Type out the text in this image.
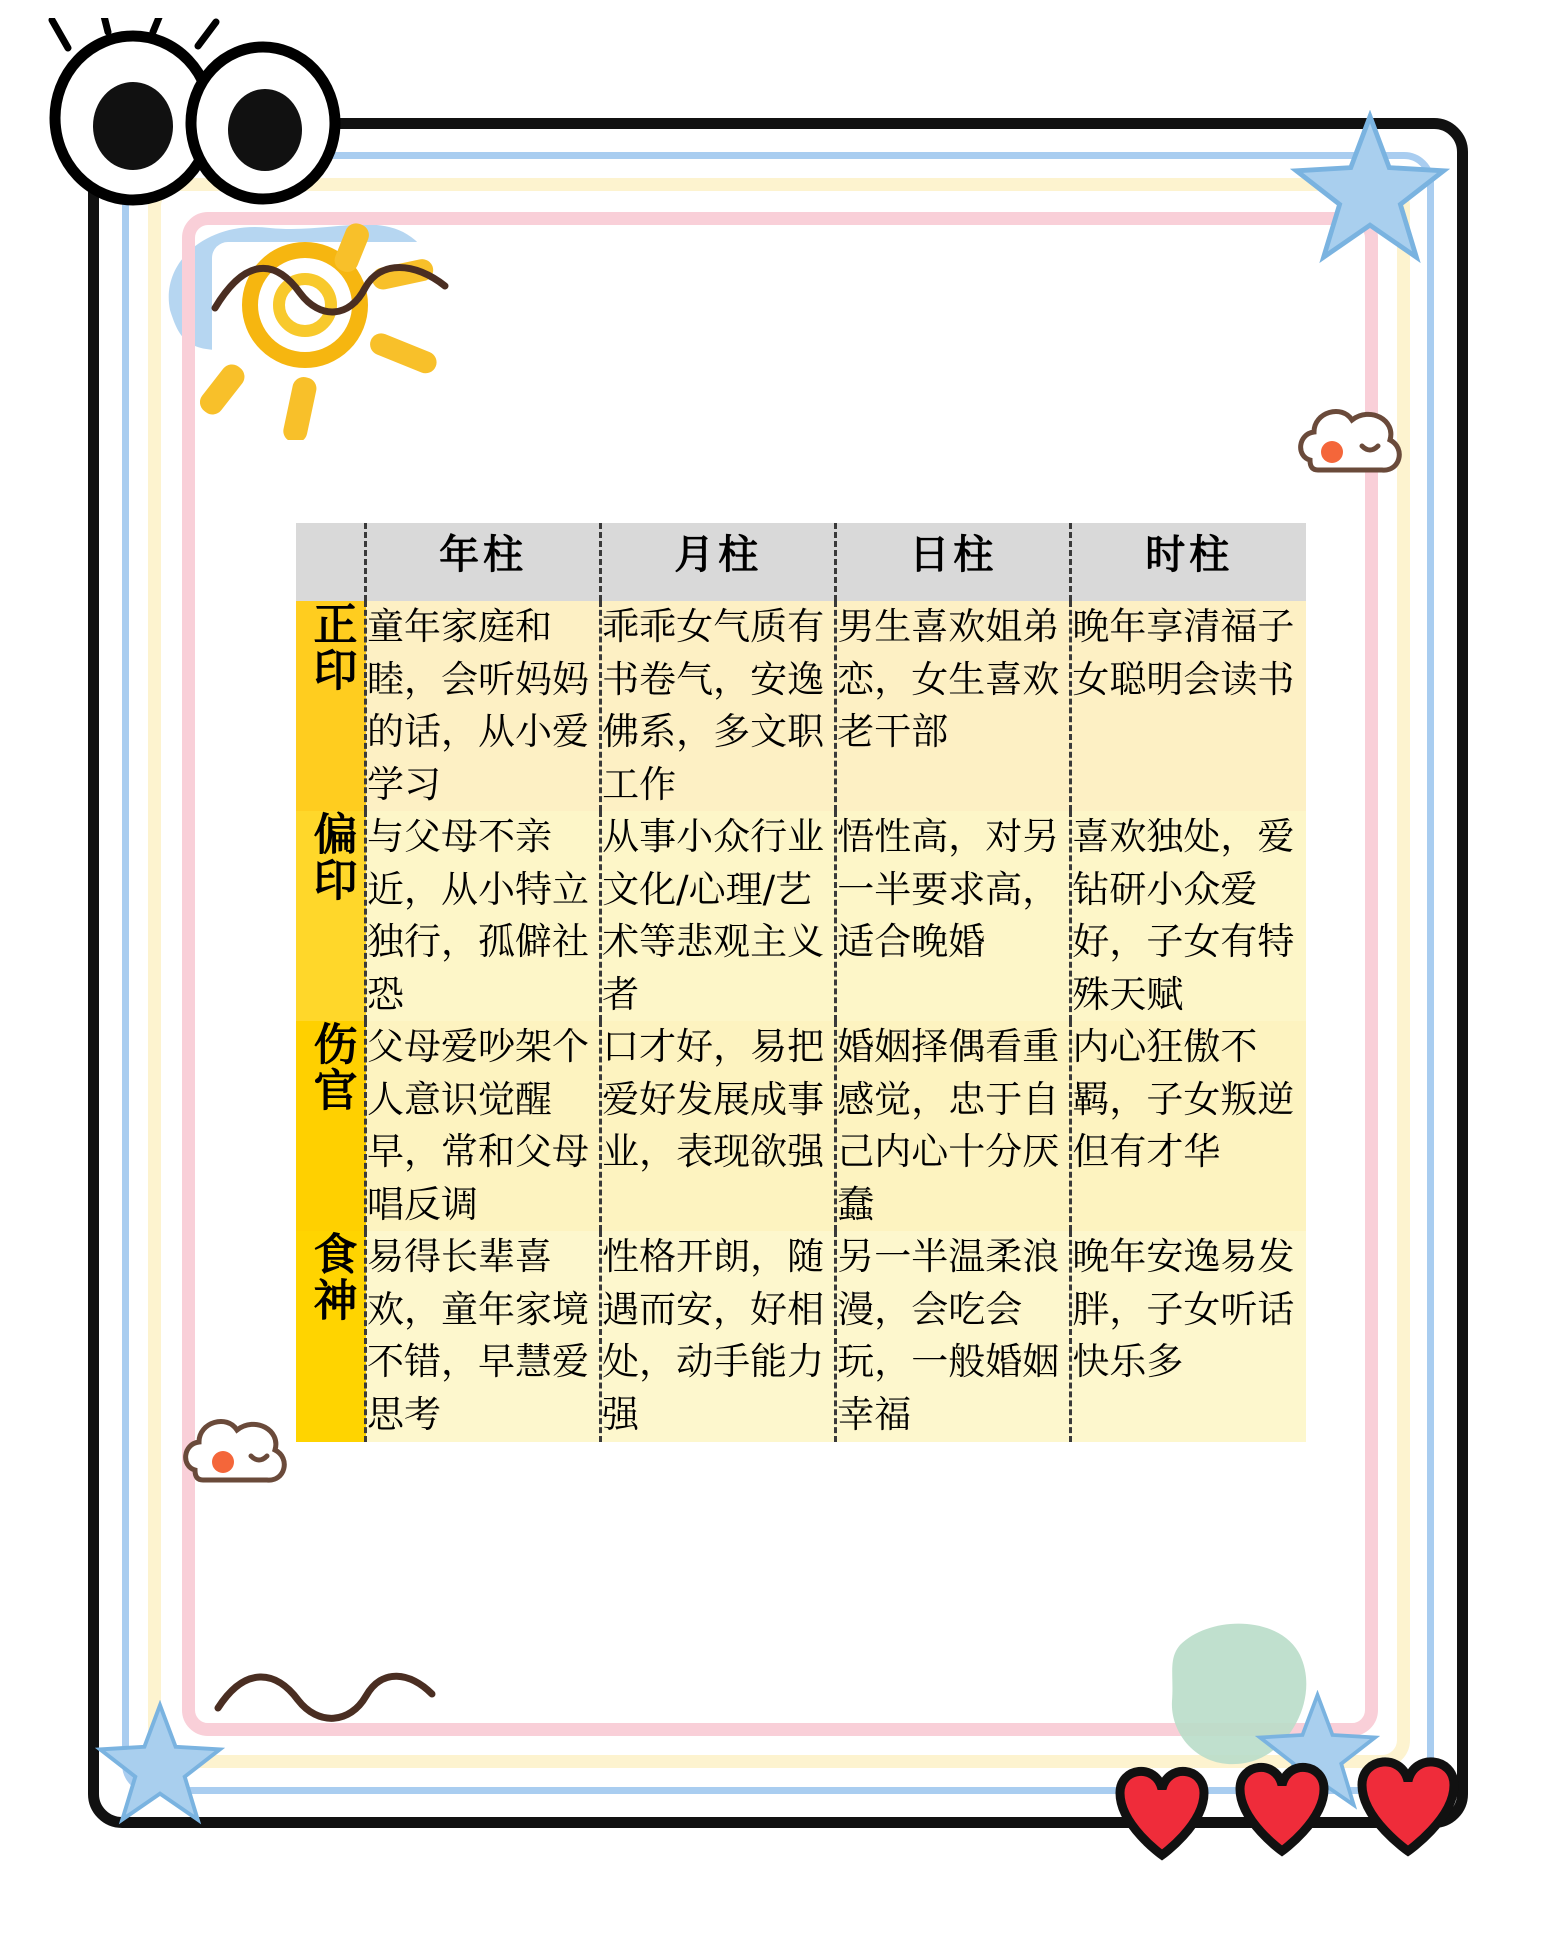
	年柱	月柱	日柱	时柱
正印	童年家庭和睦，会听妈妈的话，从小爱学习	乖乖女气质有书卷气，安逸佛系，多文职工作	男生喜欢姐弟恋，女生喜欢老干部	晚年享清福子女聪明会读书
偏印	与父母不亲近，从小特立独行，孤僻社恐	从事小众行业文化/心理/艺术等悲观主义者	悟性高，对另一半要求高，适合晚婚	喜欢独处，爱钻研小众爱好，子女有特殊天赋
伤官	父母爱吵架个人意识觉醒早，常和父母唱反调	口才好，易把爱好发展成事业，表现欲强	婚姻择偶看重感觉，忠于自己内心十分厌蠢	内心狂傲不羁，子女叛逆但有才华
食神	易得长辈喜欢，童年家境不错，早慧爱思考	性格开朗，随遇而安，好相处，动手能力强	另一半温柔浪漫，会吃会玩，一般婚姻幸福	晚年安逸易发胖，子女听话快乐多
